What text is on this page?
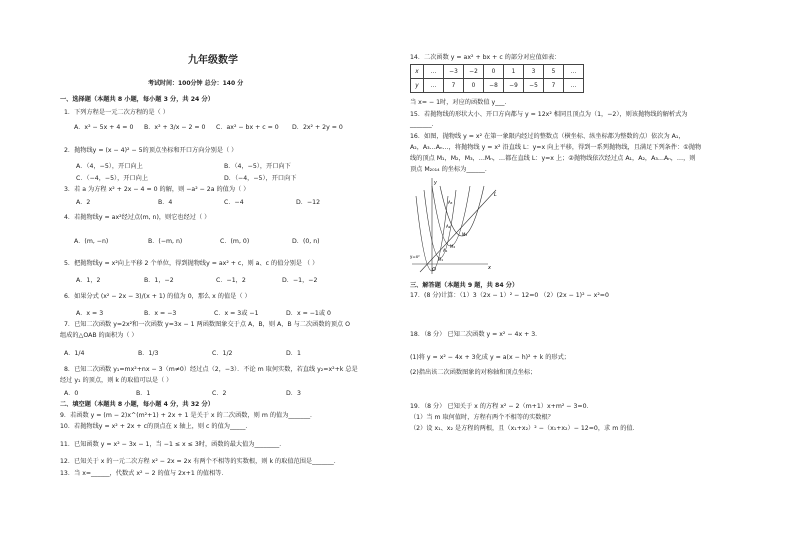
九年级数学
考试时间：100分钟 总分：140 分
一、选择题（本题共 8 小题，每小题 3 分，共 24 分）
1．下列方程是一元二次方程的是（ ）
A．x² − 5x + 4 = 0 B．x² + 3/x − 2 = 0 C．ax² − bx + c = 0 D．2x² + 2y = 0
2．抛物线y = (x − 4)² − 5的顶点坐标和开口方向分别是（ ）
A．（4，−5），开口向上	B．（4，−5），开口向下
C．（−4，−5），开口向上	D．（−4，−5），开口向下
3．若 a 为方程 x² + 2x − 4 = 0 的解，则 −a² − 2a 的值为（ ）
A．2	B．4	C．−4	D．−12
4．若抛物线y = ax²经过点(m, n)，则它也经过（ ）
A．(m, −n)	B．(−m, n)	C．(m, 0)	D．(0, n)
5．把抛物线y = x²向上平移 2 个单位，得到抛物线y = ax² + c，则 a、c 的值分别是 （ ）
A．1，2	B．1，−2	C．−1，2	D．−1，−2
6．如果分式 (x² − 2x − 3)/(x + 1) 的值为 0，那么 x 的值是（ ）
A．x = 3	B．x = −3	C．x = 3或 −1	D．x = −1或 0
7．已知二次函数 y=2x²和一次函数 y=3x − 1 两函数图象交于点 A，B，则 A，B 与二次函数的顶点 O
组成的△OAB 的面积为（ ）
A．1/4	B．1/3	C．1/2	D．1
8．已知二次函数 y₁=mx²+nx − 3（m≠0）经过点（2，−3）．不论 m 取何实数，若直线 y₂=x²+k 总是
经过 y₁ 的顶点，则 k 的取值可以是（ ）
A．0	B．1	C．2	D．3
二、填空题（本题共 8 小题，每小题 4 分，共 32 分）
9．若函数 y = (m − 2)x^(m²+1) + 2x + 1 是关于 x 的二次函数，则 m 的值为_______．
10．若抛物线y = x² + 2x + c的顶点在 x 轴上，则 c 的值为_____．
11．已知函数 y = x² − 3x − 1，当 −1 ≤ x ≤ 3时，函数的最大值为________．
12．已知关于 x 的一元二次方程 x² − 2x = 2x 有两个不相等的实数根，则 k 的取值范围是_______．
13．当 x=______，代数式 x² − 2 的值与 2x+1 的值相等．
14．二次函数 y = ax² + bx + c 的部分对应值如表：
x	…	−3	−2	0	1	3	5	…
y	…	7	0	−8	−9	−5	7	…
当 x= − 1时，对应的函数值 y___．
15．若抛物线的形状大小、开口方向都与 y = 12x² 相同且顶点为（1，−2），则该抛物线的解析式为
_______．
16．如图，抛物线 y = x² 在第一象限内经过的整数点（横坐标、纵坐标都为整数的点）依次为 A₁，
A₂，A₃…Aₙ…，将抛物线 y = x² 沿直线 L：y=x 向上平移，得到一系列抛物线，且满足下列条件：①抛物
线的顶点 M₁，M₂，M₃，…Mₙ，…都在直线 L：y=x 上；②抛物线依次经过点 A₁，A₂，A₃…Aₙ，…，则
顶点 M₂₀₁₄ 的坐标为______．
y
x
L
O
A₁
A₂
A₃
M₁
M₂
M₃
y=x²
三、解答题（本题共 9 题，共 84 分）
17．(8 分)计算：（1）3（2x − 1）² − 12=0 （2）(2x − 1)² − x²=0
18．（8 分） 已知二次函数 y = x² − 4x + 3．
(1)将 y = x² − 4x + 3化成 y = a(x − h)² + k 的形式；
(2)指出该二次函数图象的对称轴和顶点坐标；
19．（8 分） 已知关于 x 的方程 x² − 2（m+1）x+m² − 3=0．
（1）当 m 取何值时，方程有两个不相等的实数根？
（2）设 x₁、x₂ 是方程的两根，且（x₁+x₂）² −（x₁+x₂）− 12=0，求 m 的值．
